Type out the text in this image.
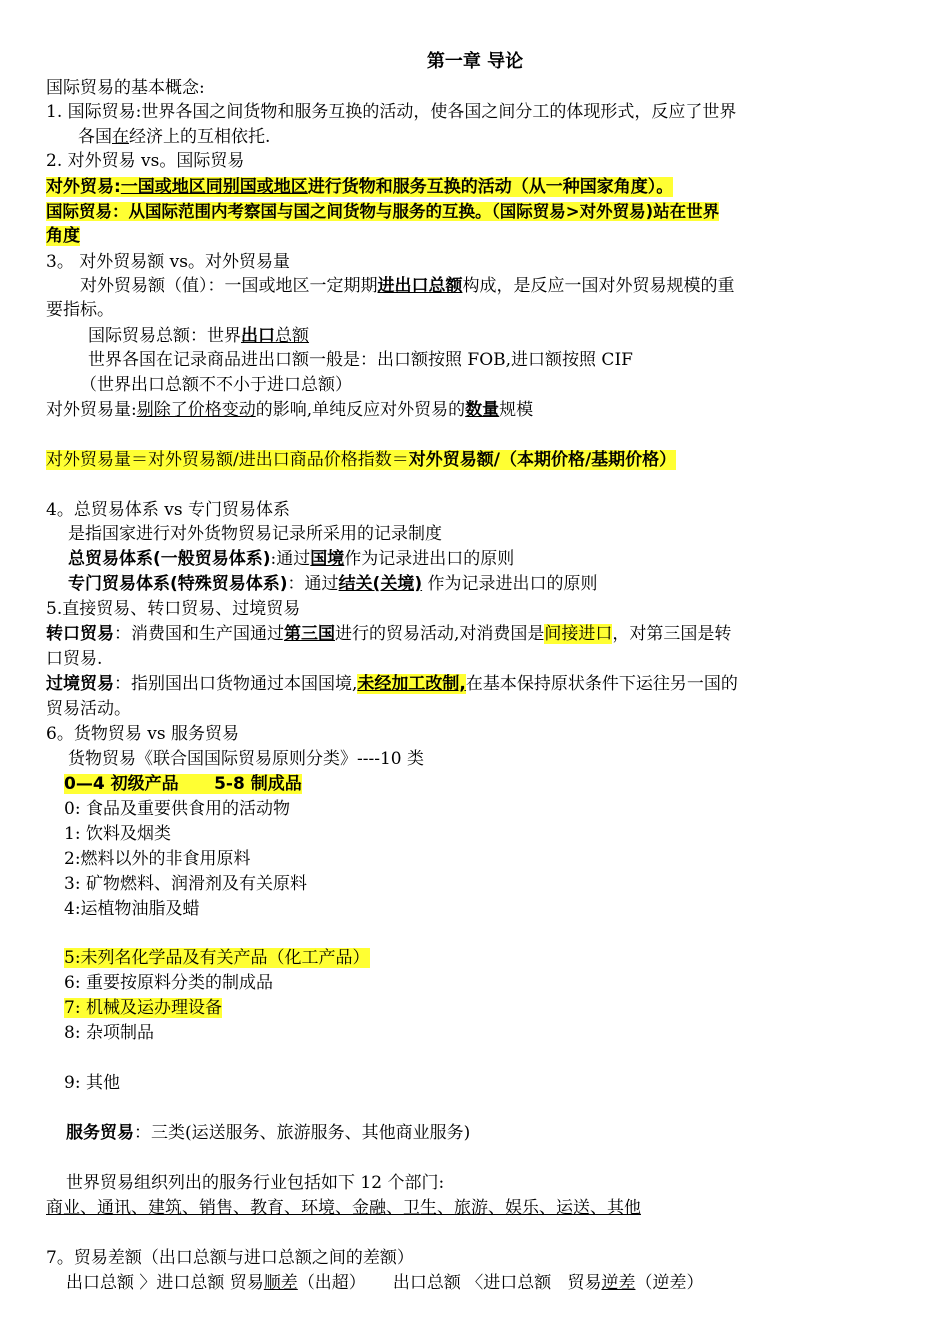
第一章 导论
国际贸易的基本概念:
1. 国际贸易:世界各国之间货物和服务互换的活动，使各国之间分工的体现形式，反应了世界
各国在经济上的互相依托.
2. 对外贸易 vs。国际贸易
对外贸易:一国或地区同别国或地区进行货物和服务互换的活动（从一种国家角度）。
国际贸易：从国际范围内考察国与国之间货物与服务的互换。（国际贸易>对外贸易)站在世界
角度
3。 对外贸易额 vs。对外贸易量
对外贸易额（值）：一国或地区一定期期进出口总额构成，是反应一国对外贸易规模的重
要指标。
国际贸易总额：世界出口总额
世界各国在记录商品进出口额一般是：出口额按照 FOB,进口额按照 CIF
（世界出口总额不不小于进口总额）
对外贸易量:剔除了价格变动的影响,单纯反应对外贸易的数量规模
对外贸易量＝对外贸易额/进出口商品价格指数＝对外贸易额/（本期价格/基期价格）
4。总贸易体系 vs 专门贸易体系
是指国家进行对外货物贸易记录所采用的记录制度
总贸易体系(一般贸易体系):通过国境作为记录进出口的原则
专门贸易体系(特殊贸易体系)：通过结关(关境) 作为记录进出口的原则
5.直接贸易、转口贸易、过境贸易
转口贸易：消费国和生产国通过第三国进行的贸易活动,对消费国是间接进口，对第三国是转
口贸易.
过境贸易：指别国出口货物通过本国国境,未经加工改制,在基本保持原状条件下运往另一国的
贸易活动。
6。货物贸易 vs 服务贸易
货物贸易《联合国国际贸易原则分类》----10 类
0—4 初级产品      5-8 制成品
0: 食品及重要供食用的活动物
1: 饮料及烟类
2:燃料以外的非食用原料
3: 矿物燃料、润滑剂及有关原料
4:运植物油脂及蜡
5:未列名化学品及有关产品（化工产品）
6: 重要按原料分类的制成品
7: 机械及运办理设备
8: 杂项制品
9: 其他
服务贸易：三类(运送服务、旅游服务、其他商业服务)
世界贸易组织列出的服务行业包括如下 12 个部门:
商业、通讯、建筑、销售、教育、环境、金融、卫生、旅游、娱乐、运送、其他
7。贸易差额（出口总额与进口总额之间的差额）
出口总额 〉进口总额 贸易顺差（出超）     出口总额 〈进口总额   贸易逆差（逆差）
